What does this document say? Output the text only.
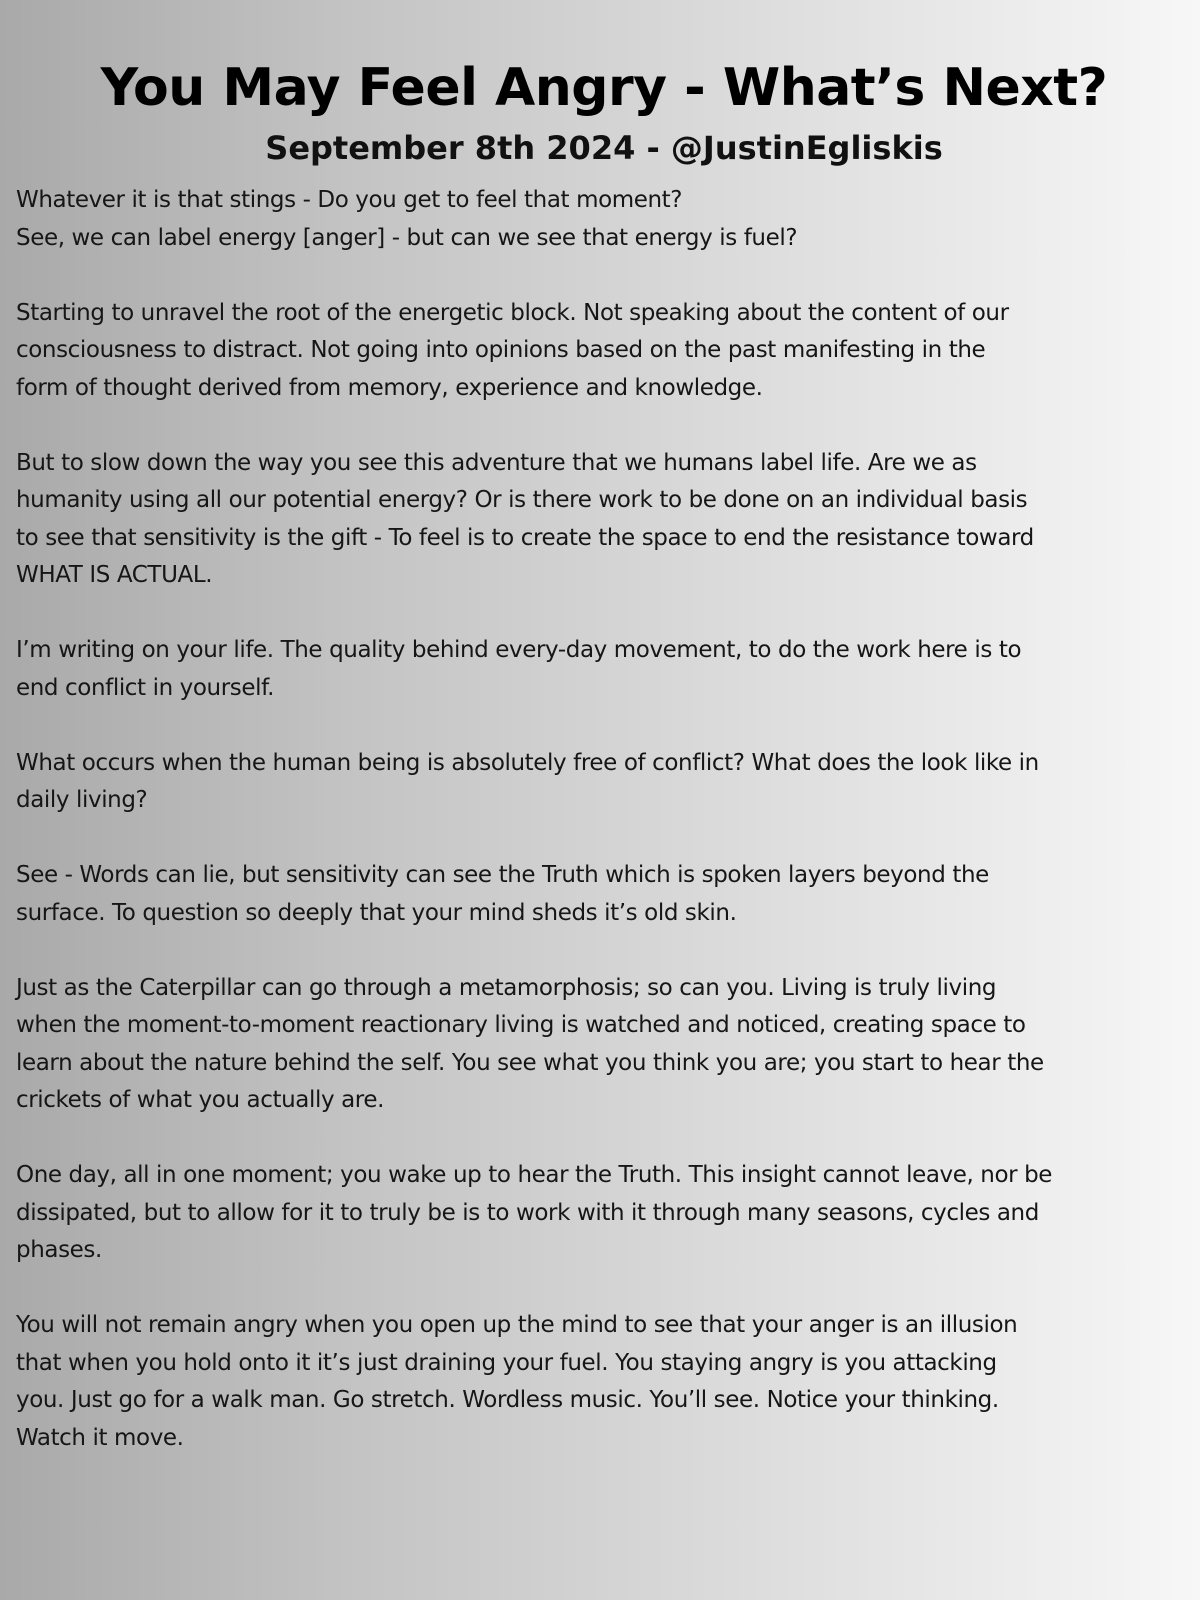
You May Feel Angry - What’s Next?
September 8th 2024 - @JustinEgliskis

Whatever it is that stings - Do you get to feel that moment?
See, we can label energy [anger] - but can we see that energy is fuel?

Starting to unravel the root of the energetic block. Not speaking about the content of our
consciousness to distract. Not going into opinions based on the past manifesting in the
form of thought derived from memory, experience and knowledge.

But to slow down the way you see this adventure that we humans label life. Are we as
humanity using all our potential energy? Or is there work to be done on an individual basis
to see that sensitivity is the gift - To feel is to create the space to end the resistance toward
WHAT IS ACTUAL.

I’m writing on your life. The quality behind every-day movement, to do the work here is to
end conflict in yourself.

What occurs when the human being is absolutely free of conflict? What does the look like in
daily living?

See - Words can lie, but sensitivity can see the Truth which is spoken layers beyond the
surface. To question so deeply that your mind sheds it’s old skin.

Just as the Caterpillar can go through a metamorphosis; so can you. Living is truly living
when the moment-to-moment reactionary living is watched and noticed, creating space to
learn about the nature behind the self. You see what you think you are; you start to hear the
crickets of what you actually are.

One day, all in one moment; you wake up to hear the Truth. This insight cannot leave, nor be
dissipated, but to allow for it to truly be is to work with it through many seasons, cycles and
phases.

You will not remain angry when you open up the mind to see that your anger is an illusion
that when you hold onto it it’s just draining your fuel. You staying angry is you attacking
you. Just go for a walk man. Go stretch. Wordless music. You’ll see. Notice your thinking.
Watch it move.
